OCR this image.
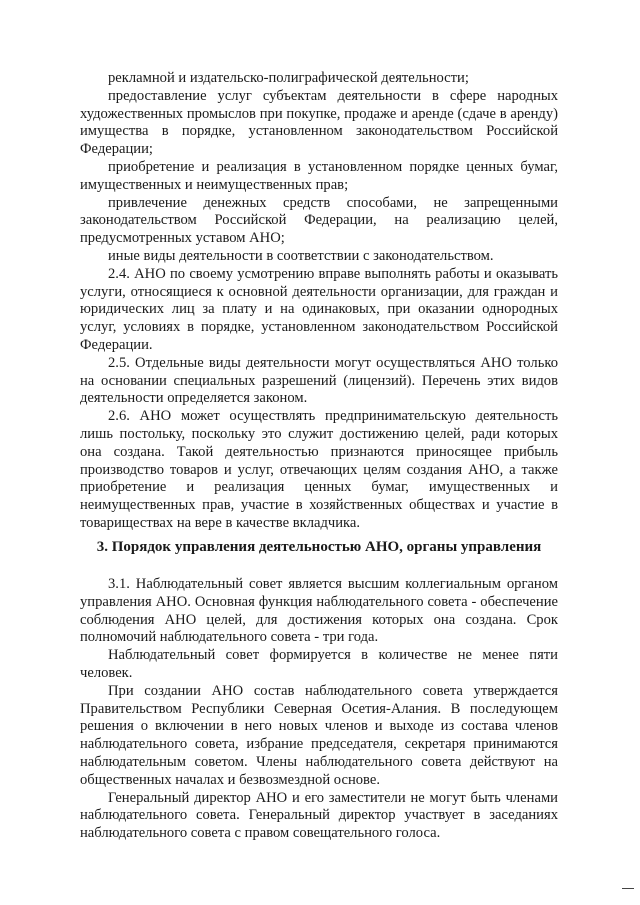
рекламной и издательско-полиграфической деятельности;

предоставление услуг субъектам деятельности в сфере народных художественных промыслов при покупке, продаже и аренде (сдаче в аренду) имущества в порядке, установленном законодательством Российской Федерации;

приобретение и реализация в установленном порядке ценных бумаг, имущественных и неимущественных прав;

привлечение денежных средств способами, не запрещенными законодательством Российской Федерации, на реализацию целей, предусмотренных уставом АНО;

иные виды деятельности в соответствии с законодательством.

2.4. АНО по своему усмотрению вправе выполнять работы и оказывать услуги, относящиеся к основной деятельности организации, для граждан и юридических лиц за плату и на одинаковых, при оказании однородных услуг, условиях в порядке, установленном законодательством Российской Федерации.

2.5. Отдельные виды деятельности могут осуществляться АНО только на основании специальных разрешений (лицензий). Перечень этих видов деятельности определяется законом.

2.6. АНО может осуществлять предпринимательскую деятельность лишь постольку, поскольку это служит достижению целей, ради которых она создана. Такой деятельностью признаются приносящее прибыль производство товаров и услуг, отвечающих целям создания АНО, а также приобретение и реализация ценных бумаг, имущественных и неимущественных прав, участие в хозяйственных обществах и участие в товариществах на вере в качестве вкладчика.

3. Порядок управления деятельностью АНО, органы управления

3.1. Наблюдательный совет является высшим коллегиальным органом управления АНО. Основная функция наблюдательного совета - обеспечение соблюдения АНО целей, для достижения которых она создана. Срок полномочий наблюдательного совета - три года.

Наблюдательный совет формируется в количестве не менее пяти человек.

При создании АНО состав наблюдательного совета утверждается Правительством Республики Северная Осетия-Алания. В последующем решения о включении в него новых членов и выходе из состава членов наблюдательного совета, избрание председателя, секретаря принимаются наблюдательным советом. Члены наблюдательного совета действуют на общественных началах и безвозмездной основе.

Генеральный директор АНО и его заместители не могут быть членами наблюдательного совета. Генеральный директор участвует в заседаниях наблюдательного совета с правом совещательного голоса.
